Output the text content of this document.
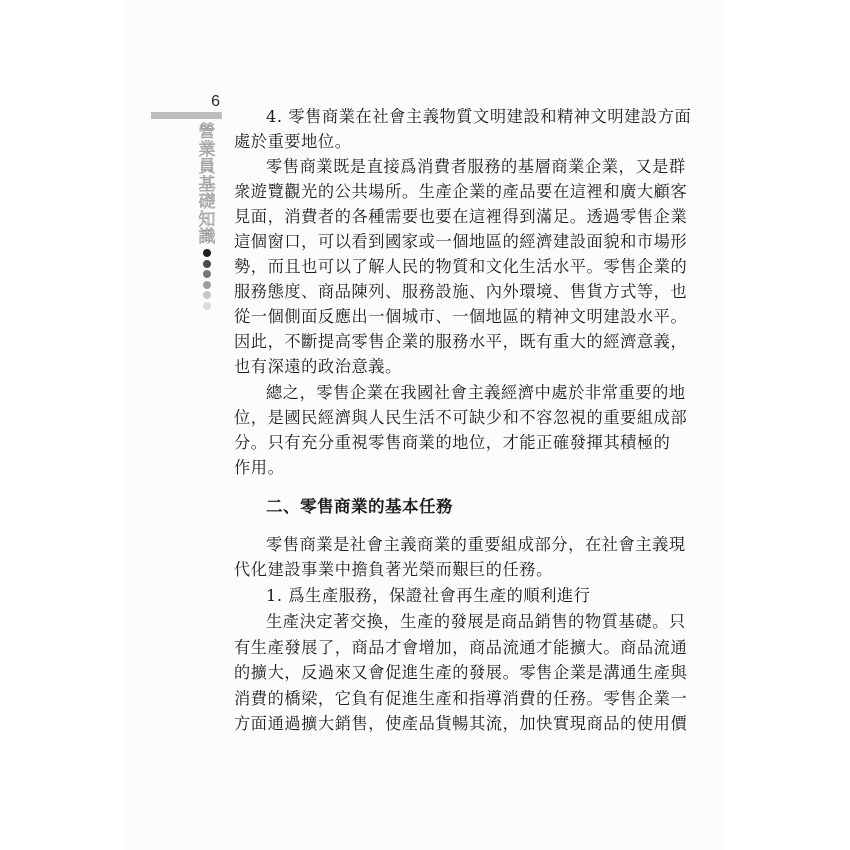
6
營業員基礎知識
4. 零售商業在社會主義物質文明建設和精神文明建設方面
處於重要地位。
零售商業既是直接爲消費者服務的基層商業企業，又是群
衆遊覽觀光的公共場所。生產企業的產品要在這裡和廣大顧客
見面，消費者的各種需要也要在這裡得到滿足。透過零售企業
這個窗口，可以看到國家或一個地區的經濟建設面貌和市場形
勢，而且也可以了解人民的物質和文化生活水平。零售企業的
服務態度、商品陳列、服務設施、內外環境、售貨方式等，也
從一個側面反應出一個城市、一個地區的精神文明建設水平。
因此，不斷提高零售企業的服務水平，既有重大的經濟意義，
也有深遠的政治意義。
總之，零售企業在我國社會主義經濟中處於非常重要的地
位，是國民經濟與人民生活不可缺少和不容忽視的重要組成部
分。只有充分重視零售商業的地位，才能正確發揮其積極的
作用。
二、零售商業的基本任務
零售商業是社會主義商業的重要組成部分，在社會主義現
代化建設事業中擔負著光榮而艱巨的任務。
1. 爲生產服務，保證社會再生產的順利進行
生產決定著交換，生產的發展是商品銷售的物質基礎。只
有生產發展了，商品才會增加，商品流通才能擴大。商品流通
的擴大，反過來又會促進生產的發展。零售企業是溝通生產與
消費的橋梁，它負有促進生產和指導消費的任務。零售企業一
方面通過擴大銷售，使產品貨暢其流，加快實現商品的使用價
